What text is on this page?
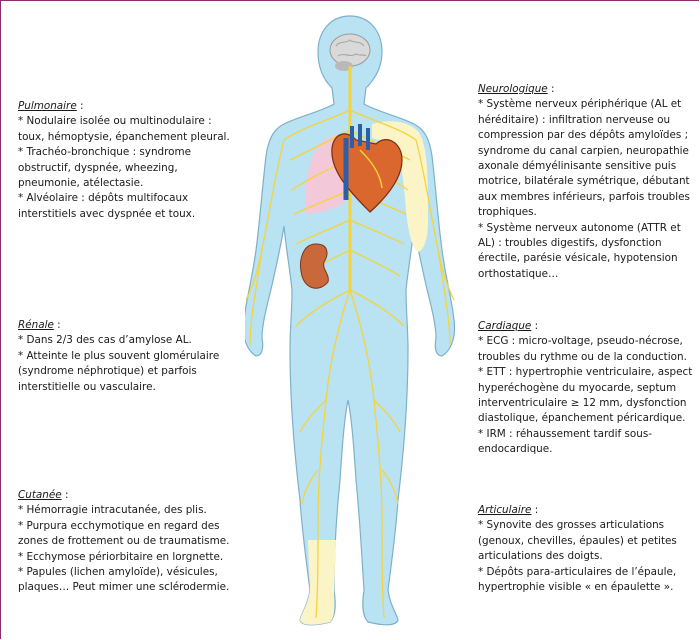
Pulmonaire :
* Nodulaire isolée ou multinodulaire :
toux, hémoptysie, épanchement pleural.
* Trachéo-bronchique : syndrome
obstructif, dyspnée, wheezing,
pneumonie, atélectasie.
* Alvéolaire : dépôts multifocaux
interstitiels avec dyspnée et toux.
Rénale :
* Dans 2/3 des cas d’amylose AL.
* Atteinte le plus souvent glomérulaire
(syndrome néphrotique) et parfois
interstitielle ou vasculaire.
Cutanée :
* Hémorragie intracutanée, des plis.
* Purpura ecchymotique en regard des
zones de frottement ou de traumatisme.
* Ecchymose périorbitaire en lorgnette.
* Papules (lichen amyloïde), vésicules,
plaques… Peut mimer une sclérodermie.
Neurologique :
* Système nerveux périphérique (AL et
héréditaire) : infiltration nerveuse ou
compression par des dépôts amyloïdes ;
syndrome du canal carpien, neuropathie
axonale démyélinisante sensitive puis
motrice, bilatérale symétrique, débutant
aux membres inférieurs, parfois troubles
trophiques.
* Système nerveux autonome (ATTR et
AL) : troubles digestifs, dysfonction
érectile, parésie vésicale, hypotension
orthostatique…
Cardiaque :
* ECG : micro-voltage, pseudo-nécrose,
troubles du rythme ou de la conduction.
* ETT : hypertrophie ventriculaire, aspect
hyperéchogène du myocarde, septum
interventriculaire ≥ 12 mm, dysfonction
diastolique, épanchement péricardique.
* IRM : réhaussement tardif sous-
endocardique.
Articulaire :
* Synovite des grosses articulations
(genoux, chevilles, épaules) et petites
articulations des doigts.
* Dépôts para-articulaires de l’épaule,
hypertrophie visible « en épaulette ».
